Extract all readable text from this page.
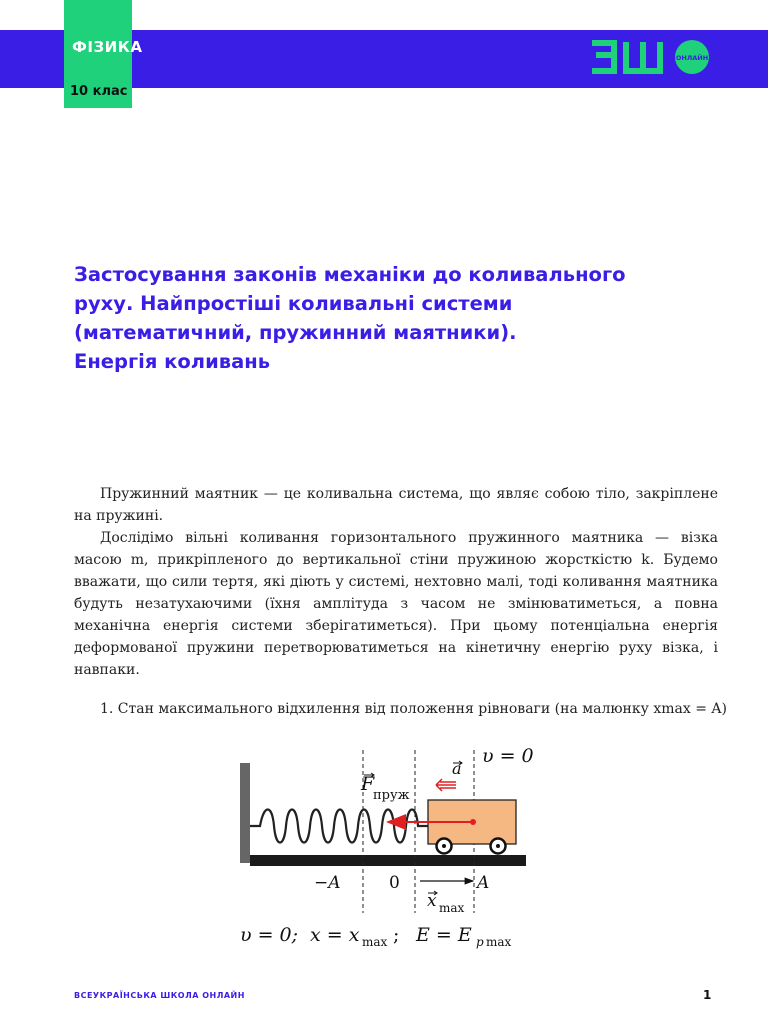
ФІЗИКА
10 клас
ОНЛАЙН
Застосування законів механіки до коливального
руху. Найпростіші коливальні системи
(математичний, пружинний маятники).
Енергія коливань

Пружинний маятник — це коливальна система, що являє собою тіло, закріплене на пружині.

Дослідімо вільні коливання горизонтального пружинного маятника — візка масою m, прикріпленого до вертикальної стіни пружиною жорсткістю k. Будемо вважати, що сили тертя, які діють у системі, нехтовно малі, тоді коливання маятника будуть незатухаючими (їхня амплітуда з часом не змінюватиметься, а повна механічна енергія системи зберігатиметься). При цьому потенціальна енергія деформованої пружини перетворюватиметься на кінетичну енергію руху візка, і навпаки.

1. Стан максимального відхилення від положення рівноваги (на малюнку xmax = A)
υ = 0
a
F
пруж
−A	0	A
x max
υ = 0; x = x max ; E = E p max
ВСЕУКРАЇНСЬКА ШКОЛА ОНЛАЙН	1
